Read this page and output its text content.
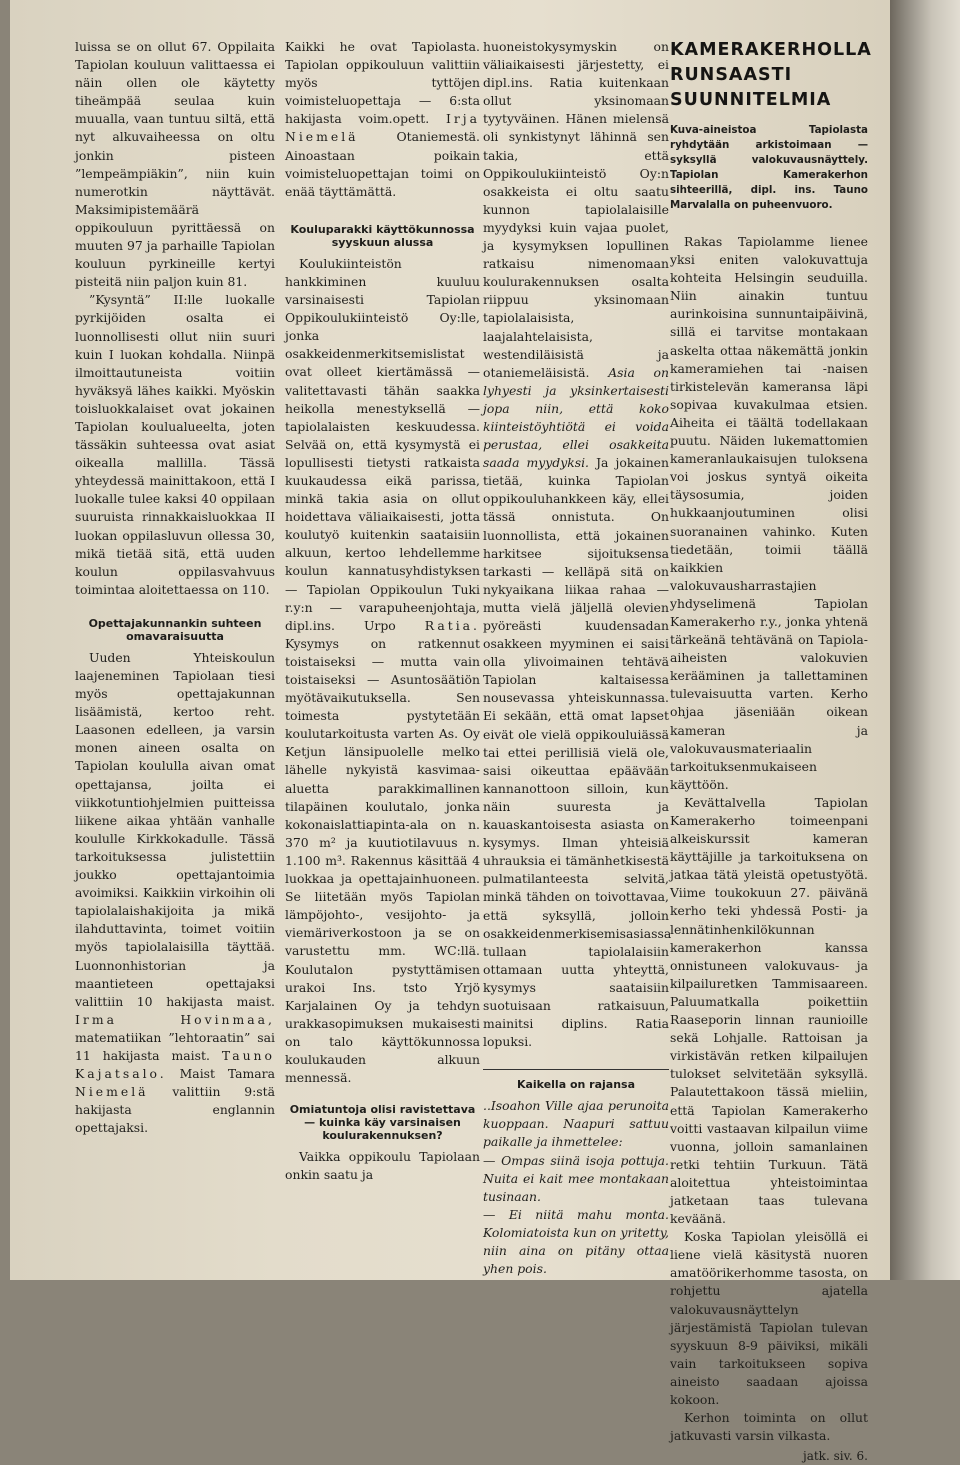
luissa se on ollut 67. Oppilaita Tapiolan kouluun valittaessa ei näin ollen ole käytetty tiheämpää seulaa kuin muualla, vaan tuntuu siltä, että nyt alkuvaiheessa on oltu jonkin pisteen ”lempeämpiäkin”, niin kuin numerotkin näyttävät. Maksimipistemäärä oppikouluun pyrittäessä on muuten 97 ja parhaille Tapiolan kouluun pyrkineille kertyi pisteitä niin paljon kuin 81.

”Kysyntä” II:lle luokalle pyrkijöiden osalta ei luonnollisesti ollut niin suuri kuin I luokan kohdalla. Niinpä ilmoittautuneista voitiin hyväksyä lähes kaikki. Myöskin toisluokkalaiset ovat jokainen Tapiolan koulualueelta, joten tässäkin suhteessa ovat asiat oikealla mallilla. Tässä yhteydessä mainittakoon, että I luokalle tulee kaksi 40 oppilaan suuruista rinnakkaisluokkaa II luokan oppilasluvun ollessa 30, mikä tietää sitä, että uuden koulun oppilasvahvuus toimintaa aloitettaessa on 110.

Opettajakunnankin suhteen omavaraisuutta

Uuden Yhteiskoulun laajeneminen Tapiolaan tiesi myös opettajakunnan lisäämistä, kertoo reht. Laasonen edelleen, ja varsin monen aineen osalta on Tapiolan koululla aivan omat opettajansa, joilta ei viikkotuntiohjelmien puitteissa liikene aikaa yhtään vanhalle koululle Kirkkokadulle. Tässä tarkoituksessa julistettiin joukko opettajantoimia avoimiksi. Kaikkiin virkoihin oli tapiolalaishakijoita ja mikä ilahduttavinta, toimet voitiin myös tapiolalaisilla täyttää. Luonnonhistorian ja maantieteen opettajaksi valittiin 10 hakijasta maist. Irma Hovinmaa, matematiikan ”lehtoraatin” sai 11 hakijasta maist. Tauno Kajatsalo. Maist Tamara Niemelä valittiin 9:stä hakijasta englannin opettajaksi.

Kaikki he ovat Tapiolasta. Tapiolan oppikouluun valittiin myös tyttöjen voimisteluopettaja — 6:sta hakijasta voim.opett. Irja Niemelä	Otaniemestä. Ainoastaan poikain voimisteluopettajan toimi on enää täyttämättä.

Kouluparakki käyttökunnossa syyskuun alussa

Koulukiinteistön hankkiminen kuuluu varsinaisesti Tapiolan Oppikoulukiinteistö Oy:lle, jonka osakkeidenmerkitsemislistat ovat olleet kiertämässä — valitettavasti tähän saakka heikolla menestyksellä — tapiolalaisten keskuudessa. Selvää on, että kysymystä ei lopullisesti tietysti ratkaista kuukaudessa eikä parissa, minkä takia asia on ollut hoidettava väliaikaisesti, jotta koulutyö kuitenkin saataisiin alkuun, kertoo lehdellemme koulun kannatusyhdistyksen — Tapiolan Oppikoulun Tuki r.y:n — varapuheenjohtaja, dipl.ins. Urpo Ratia. Kysymys on ratkennut toistaiseksi — mutta vain toistaiseksi — Asuntosäätiön myötävaikutuksella. Sen toimesta pystytetään koulutarkoitusta varten As. Oy Ketjun länsipuolelle melko lähelle nykyistä kasvimaa-aluetta parakkimallinen tilapäinen koulutalo, jonka kokonaislattiapinta-ala on n. 370 m² ja kuutiotilavuus n. 1.100 m³. Rakennus käsittää 4 luokkaa ja opettajainhuoneen. Se liitetään myös Tapiolan lämpöjohto-, vesijohto- ja viemäriverkostoon ja se on varustettu mm. WC:llä. Koulutalon pystyttämisen urakoi Ins. tsto Yrjö Karjalainen Oy ja tehdyn urakkasopimuksen mukaisesti on talo käyttökunnossa koulukauden alkuun mennessä.

Omiatuntoja olisi ravistettava — kuinka käy varsinaisen koulurakennuksen?

Vaikka oppikoulu Tapiolaan onkin saatu ja

huoneistokysymyskin on väliaikaisesti järjestetty, ei dipl.ins. Ratia kuitenkaan ollut yksinomaan tyytyväinen. Hänen mielensä oli synkistynyt lähinnä sen takia, että Oppikoulukiinteistö Oy:n osakkeista ei oltu saatu kunnon tapiolalaisille myydyksi kuin vajaa puolet, ja kysymyksen lopullinen ratkaisu nimenomaan koulurakennuksen osalta riippuu yksinomaan tapiolalaisista, laajalahtelaisista, westendiläisistä ja otaniemeläisistä. Asia on lyhyesti ja yksinkertaisesti jopa niin, että koko kiinteistöyhtiötä ei voida perustaa, ellei osakkeita saada myydyksi. Ja jokainen tietää, kuinka Tapiolan oppikouluhankkeen käy, ellei tässä onnistuta. On luonnollista, että jokainen harkitsee sijoituksensa tarkasti — kelläpä sitä on nykyaikana liikaa rahaa — mutta vielä jäljellä olevien pyöreästi kuudensadan osakkeen myyminen ei saisi olla ylivoimainen tehtävä Tapiolan kaltaisessa nousevassa yhteiskunnassa. Ei sekään, että omat lapset eivät ole vielä oppikouluiässä tai ettei perillisiä vielä ole, saisi oikeuttaa epäävään kannanottoon silloin, kun näin suuresta ja kauaskantoisesta asiasta on kysymys. Ilman yhteisiä uhrauksia ei tämänhetkisestä pulmatilanteesta selvitä, minkä tähden on toivottavaa, että syksyllä, jolloin osakkeidenmerkisemisasiassa tullaan tapiolalaisiin ottamaan uutta yhteyttä, kysymys saataisiin suotuisaan ratkaisuun, mainitsi diplins. Ratia lopuksi.

Kaikella on rajansa

..Isoahon Ville ajaa perunoita kuoppaan. Naapuri sattuu paikalle ja ihmettelee:

— Ompas siinä isoja pottuja. Nuita ei kait mee montakaan tusinaan.

— Ei niitä mahu monta. Kolomiatoista kun on yritetty, niin aina on pitäny ottaa yhen pois.

KAMERAKERHOLLA
RUNSAASTI
SUUNNITELMIA
Kuva-aineistoa Tapiolasta ryhdytään arkistoimaan — syksyllä valokuvausnäyttely. Tapiolan Kamerakerhon sihteerillä, dipl. ins. Tauno Marvalalla on puheenvuoro.

Rakas Tapiolamme lienee yksi eniten valokuvattuja kohteita Helsingin seuduilla. Niin ainakin tuntuu aurinkoisina sunnuntaipäivinä, sillä ei tarvitse montakaan askelta ottaa näkemättä jonkin kameramiehen tai -naisen tirkistelevän kameransa läpi sopivaa kuvakulmaa etsien. Aiheita ei täältä todellakaan puutu. Näiden lukemattomien kameranlaukaisujen tuloksena voi joskus syntyä oikeita täysosumia, joiden hukkaanjoutuminen olisi suoranainen vahinko. Kuten tiedetään, toimii täällä kaikkien valokuvausharrastajien yhdyselimenä Tapiolan Kamerakerho r.y., jonka yhtenä tärkeänä tehtävänä on Tapiola-aiheisten valokuvien kerääminen ja tallettaminen tulevaisuutta varten. Kerho ohjaa jäseniään oikean kameran ja valokuvausmateriaalin tarkoituksenmukaiseen käyttöön.

Kevättalvella Tapiolan Kamerakerho toimeenpani alkeiskurssit kameran käyttäjille ja tarkoituksena on jatkaa tätä yleistä opetustyötä. Viime toukokuun 27. päivänä kerho teki yhdessä Posti- ja lennätinhenkilökunnan kamerakerhon kanssa onnistuneen valokuvaus- ja kilpailuretken Tammisaareen. Paluumatkalla poikettiin Raaseporin linnan raunioille sekä Lohjalle. Rattoisan ja virkistävän retken kilpailujen tulokset selvitetään syksyllä. Palautettakoon tässä mieliin, että Tapiolan Kamerakerho voitti vastaavan kilpailun viime vuonna, jolloin samanlainen retki tehtiin Turkuun. Tätä aloitettua yhteistoimintaa jatketaan taas tulevana keväänä.

Koska Tapiolan yleisöllä ei liene vielä käsitystä nuoren amatöörikerhomme tasosta, on rohjettu ajatella valokuvausnäyttelyn järjestämistä Tapiolan tulevan syyskuun 8-9 päiviksi, mikäli vain tarkoitukseen sopiva aineisto saadaan ajoissa kokoon.

Kerhon toiminta on ollut jatkuvasti varsin vilkasta.

jatk. siv. 6.
